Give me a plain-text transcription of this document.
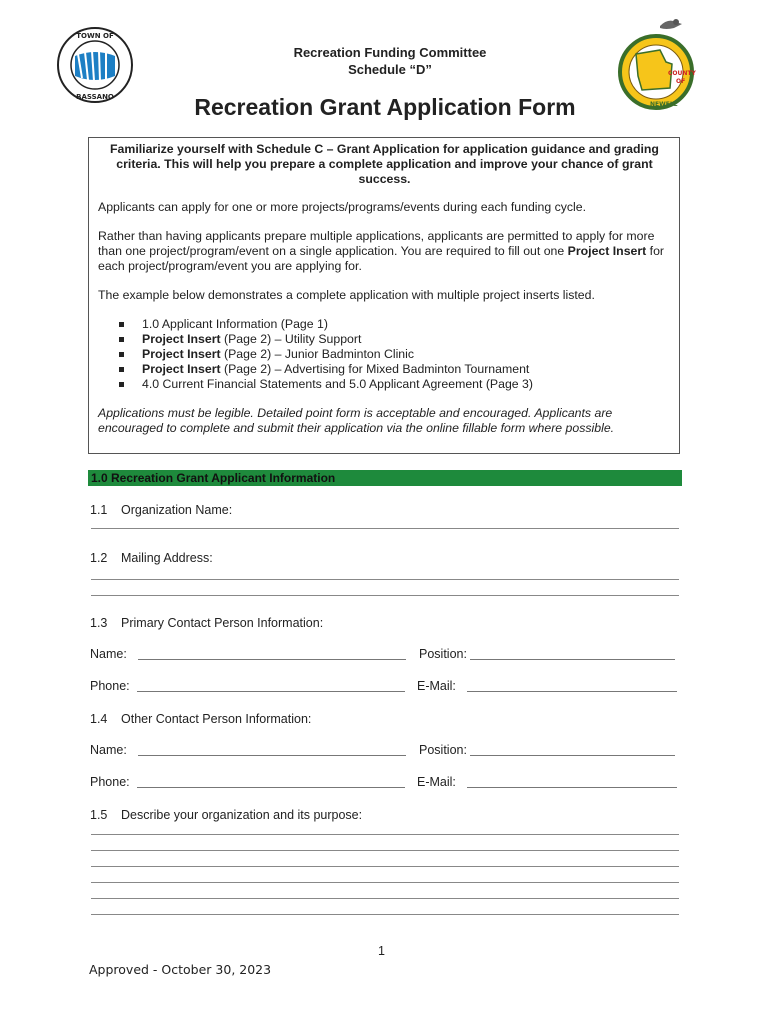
TOWN OF
BASSANO
COUNTY
OF
NEWELL
Recreation Funding Committee
Schedule “D”
Recreation Grant Application Form

Familiarize yourself with Schedule C – Grant Application for application guidance and grading criteria. This will help you prepare a complete application and improve your chance of grant success.

Applicants can apply for one or more projects/programs/events during each funding cycle.

Rather than having applicants prepare multiple applications, applicants are permitted to apply for more than one project/program/event on a single application. You are required to fill out one Project Insert for each project/program/event you are applying for.

The example below demonstrates a complete application with multiple project inserts listed.

1.0 Applicant Information (Page 1)
Project Insert (Page 2) – Utility Support
Project Insert (Page 2) – Junior Badminton Clinic
Project Insert (Page 2) – Advertising for Mixed Badminton Tournament
4.0 Current Financial Statements and 5.0 Applicant Agreement (Page 3)

Applications must be legible. Detailed point form is acceptable and encouraged. Applicants are encouraged to complete and submit their application via the online fillable form where possible.

1.0 Recreation Grant Applicant Information
1.1 Organization Name:
1.2 Mailing Address:
1.3 Primary Contact Person Information:
Name:	Position:
Phone:	E-Mail:
1.4 Other Contact Person Information:
Name:	Position:
Phone:	E-Mail:
1.5 Describe your organization and its purpose:
1
Approved - October 30, 2023
